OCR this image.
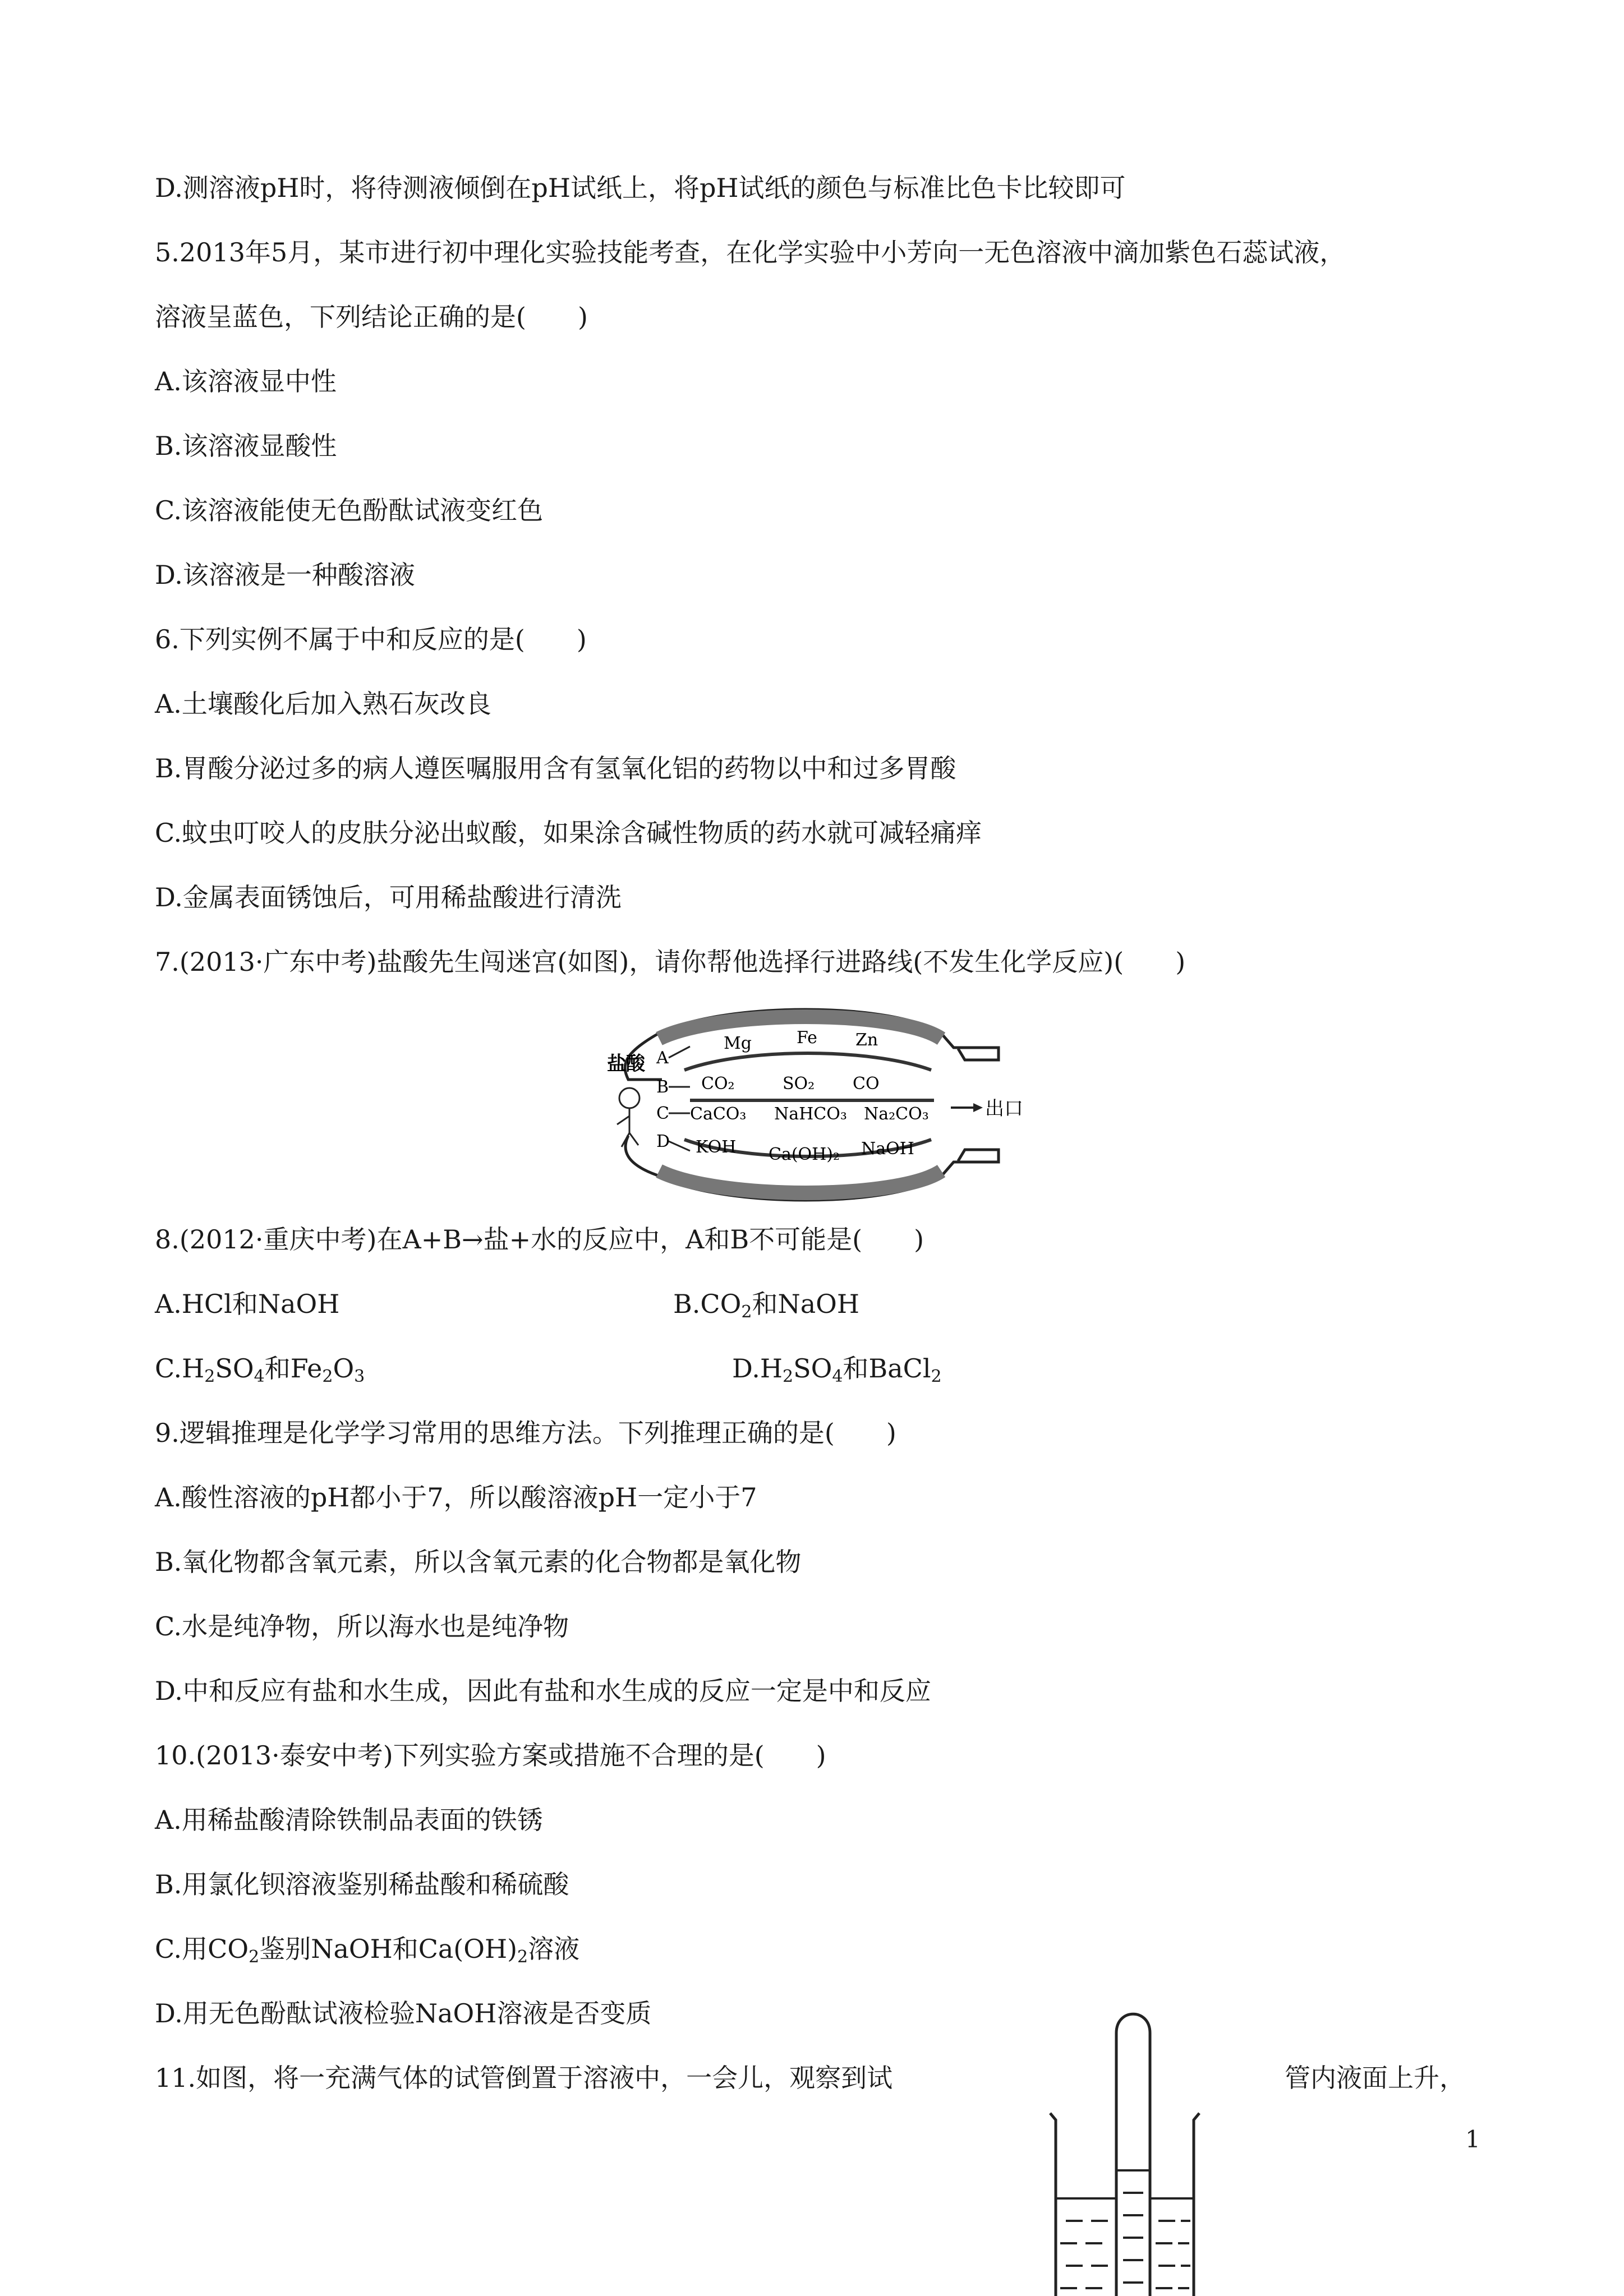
D.测溶液pH时，将待测液倾倒在pH试纸上，将pH试纸的颜色与标准比色卡比较即可

5.2013年5月，某市进行初中理化实验技能考查，在化学实验中小芳向一无色溶液中滴加紫色石蕊试液，

溶液呈蓝色，下列结论正确的是(　　)

A.该溶液显中性

B.该溶液显酸性

C.该溶液能使无色酚酞试液变红色

D.该溶液是一种酸溶液

6.下列实例不属于中和反应的是(　　)

A.土壤酸化后加入熟石灰改良

B.胃酸分泌过多的病人遵医嘱服用含有氢氧化铝的药物以中和过多胃酸

C.蚊虫叮咬人的皮肤分泌出蚁酸，如果涂含碱性物质的药水就可减轻痛痒

D.金属表面锈蚀后，可用稀盐酸进行清洗

7.(2013·广东中考)盐酸先生闯迷宫(如图)，请你帮他选择行进路线(不发生化学反应)(　　)

出口
盐酸 A
B
C
D
Mg	Fe Zn
CO₂	SO₂ CO
CaCO₃ NaHCO₃ Na₂CO₃
KOH Ca(OH)₂ NaOH

8.(2012·重庆中考)在A+B→盐+水的反应中，A和B不可能是(　　)

A.HCl和NaOH	$B.CO_2$和NaOH

$C.H_2SO_4$和$Fe_2O_3$	$D.H_2SO_4$和BaCl$_2$

9.逻辑推理是化学学习常用的思维方法。下列推理正确的是(　　)

A.酸性溶液的pH都小于7，所以酸溶液pH一定小于7

B.氧化物都含氧元素，所以含氧元素的化合物都是氧化物

C.水是纯净物，所以海水也是纯净物

D.中和反应有盐和水生成，因此有盐和水生成的反应一定是中和反应

10.(2013·泰安中考)下列实验方案或措施不合理的是(　　)

A.用稀盐酸清除铁制品表面的铁锈

B.用氯化钡溶液鉴别稀盐酸和稀硫酸

C.用$CO_2$鉴别NaOH和$Ca(OH)_2$溶液

D.用无色酚酞试液检验NaOH溶液是否变质

11.如图，将一充满气体的试管倒置于溶液中，一会儿，观察到试	管内液面上升，

1
